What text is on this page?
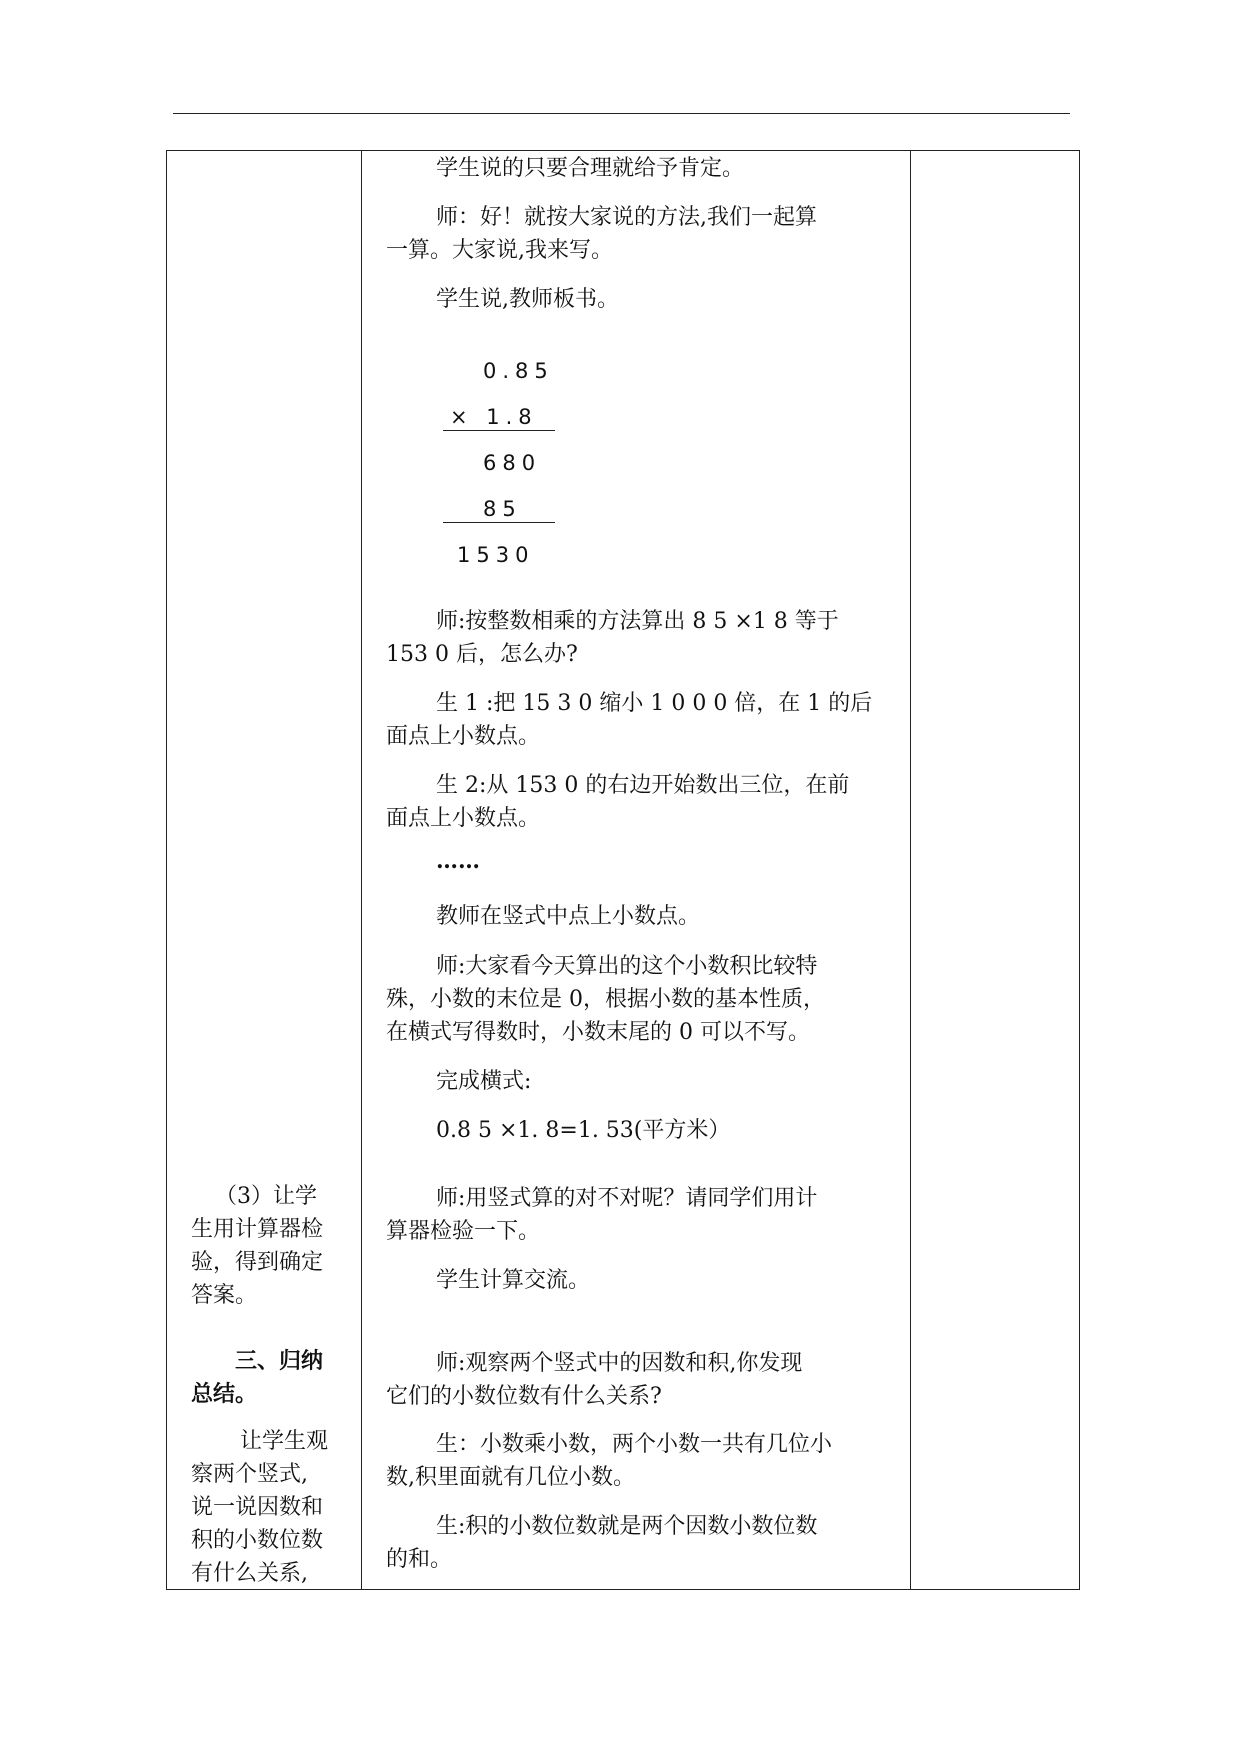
（3）让学
生用计算器检
验，得到确定
答案。
三、归纳
总结。
让学生观
察两个竖式,
说一说因数和
积的小数位数
有什么关系,
学生说的只要合理就给予肯定。
师：好！就按大家说的方法,我们一起算
一算。大家说,我来写。
学生说,教师板书。
0.85
× 1.8
680
85
1530
师:按整数相乘的方法算出 8 5 ×1 8 等于
153 0 后，怎么办?
生 1 :把 15 3 0 缩小 1 0 0 0 倍，在 1 的后
面点上小数点。
生 2:从 153 0 的右边开始数出三位，在前
面点上小数点。
……
教师在竖式中点上小数点。
师:大家看今天算出的这个小数积比较特
殊，小数的末位是 0，根据小数的基本性质，
在横式写得数时，小数末尾的 0 可以不写。
完成横式:
0.8 5 ×1. 8=1. 53(平方米）
师:用竖式算的对不对呢？请同学们用计
算器检验一下。
学生计算交流。
师:观察两个竖式中的因数和积,你发现
它们的小数位数有什么关系?
生：小数乘小数，两个小数一共有几位小
数,积里面就有几位小数。
生:积的小数位数就是两个因数小数位数
的和。
